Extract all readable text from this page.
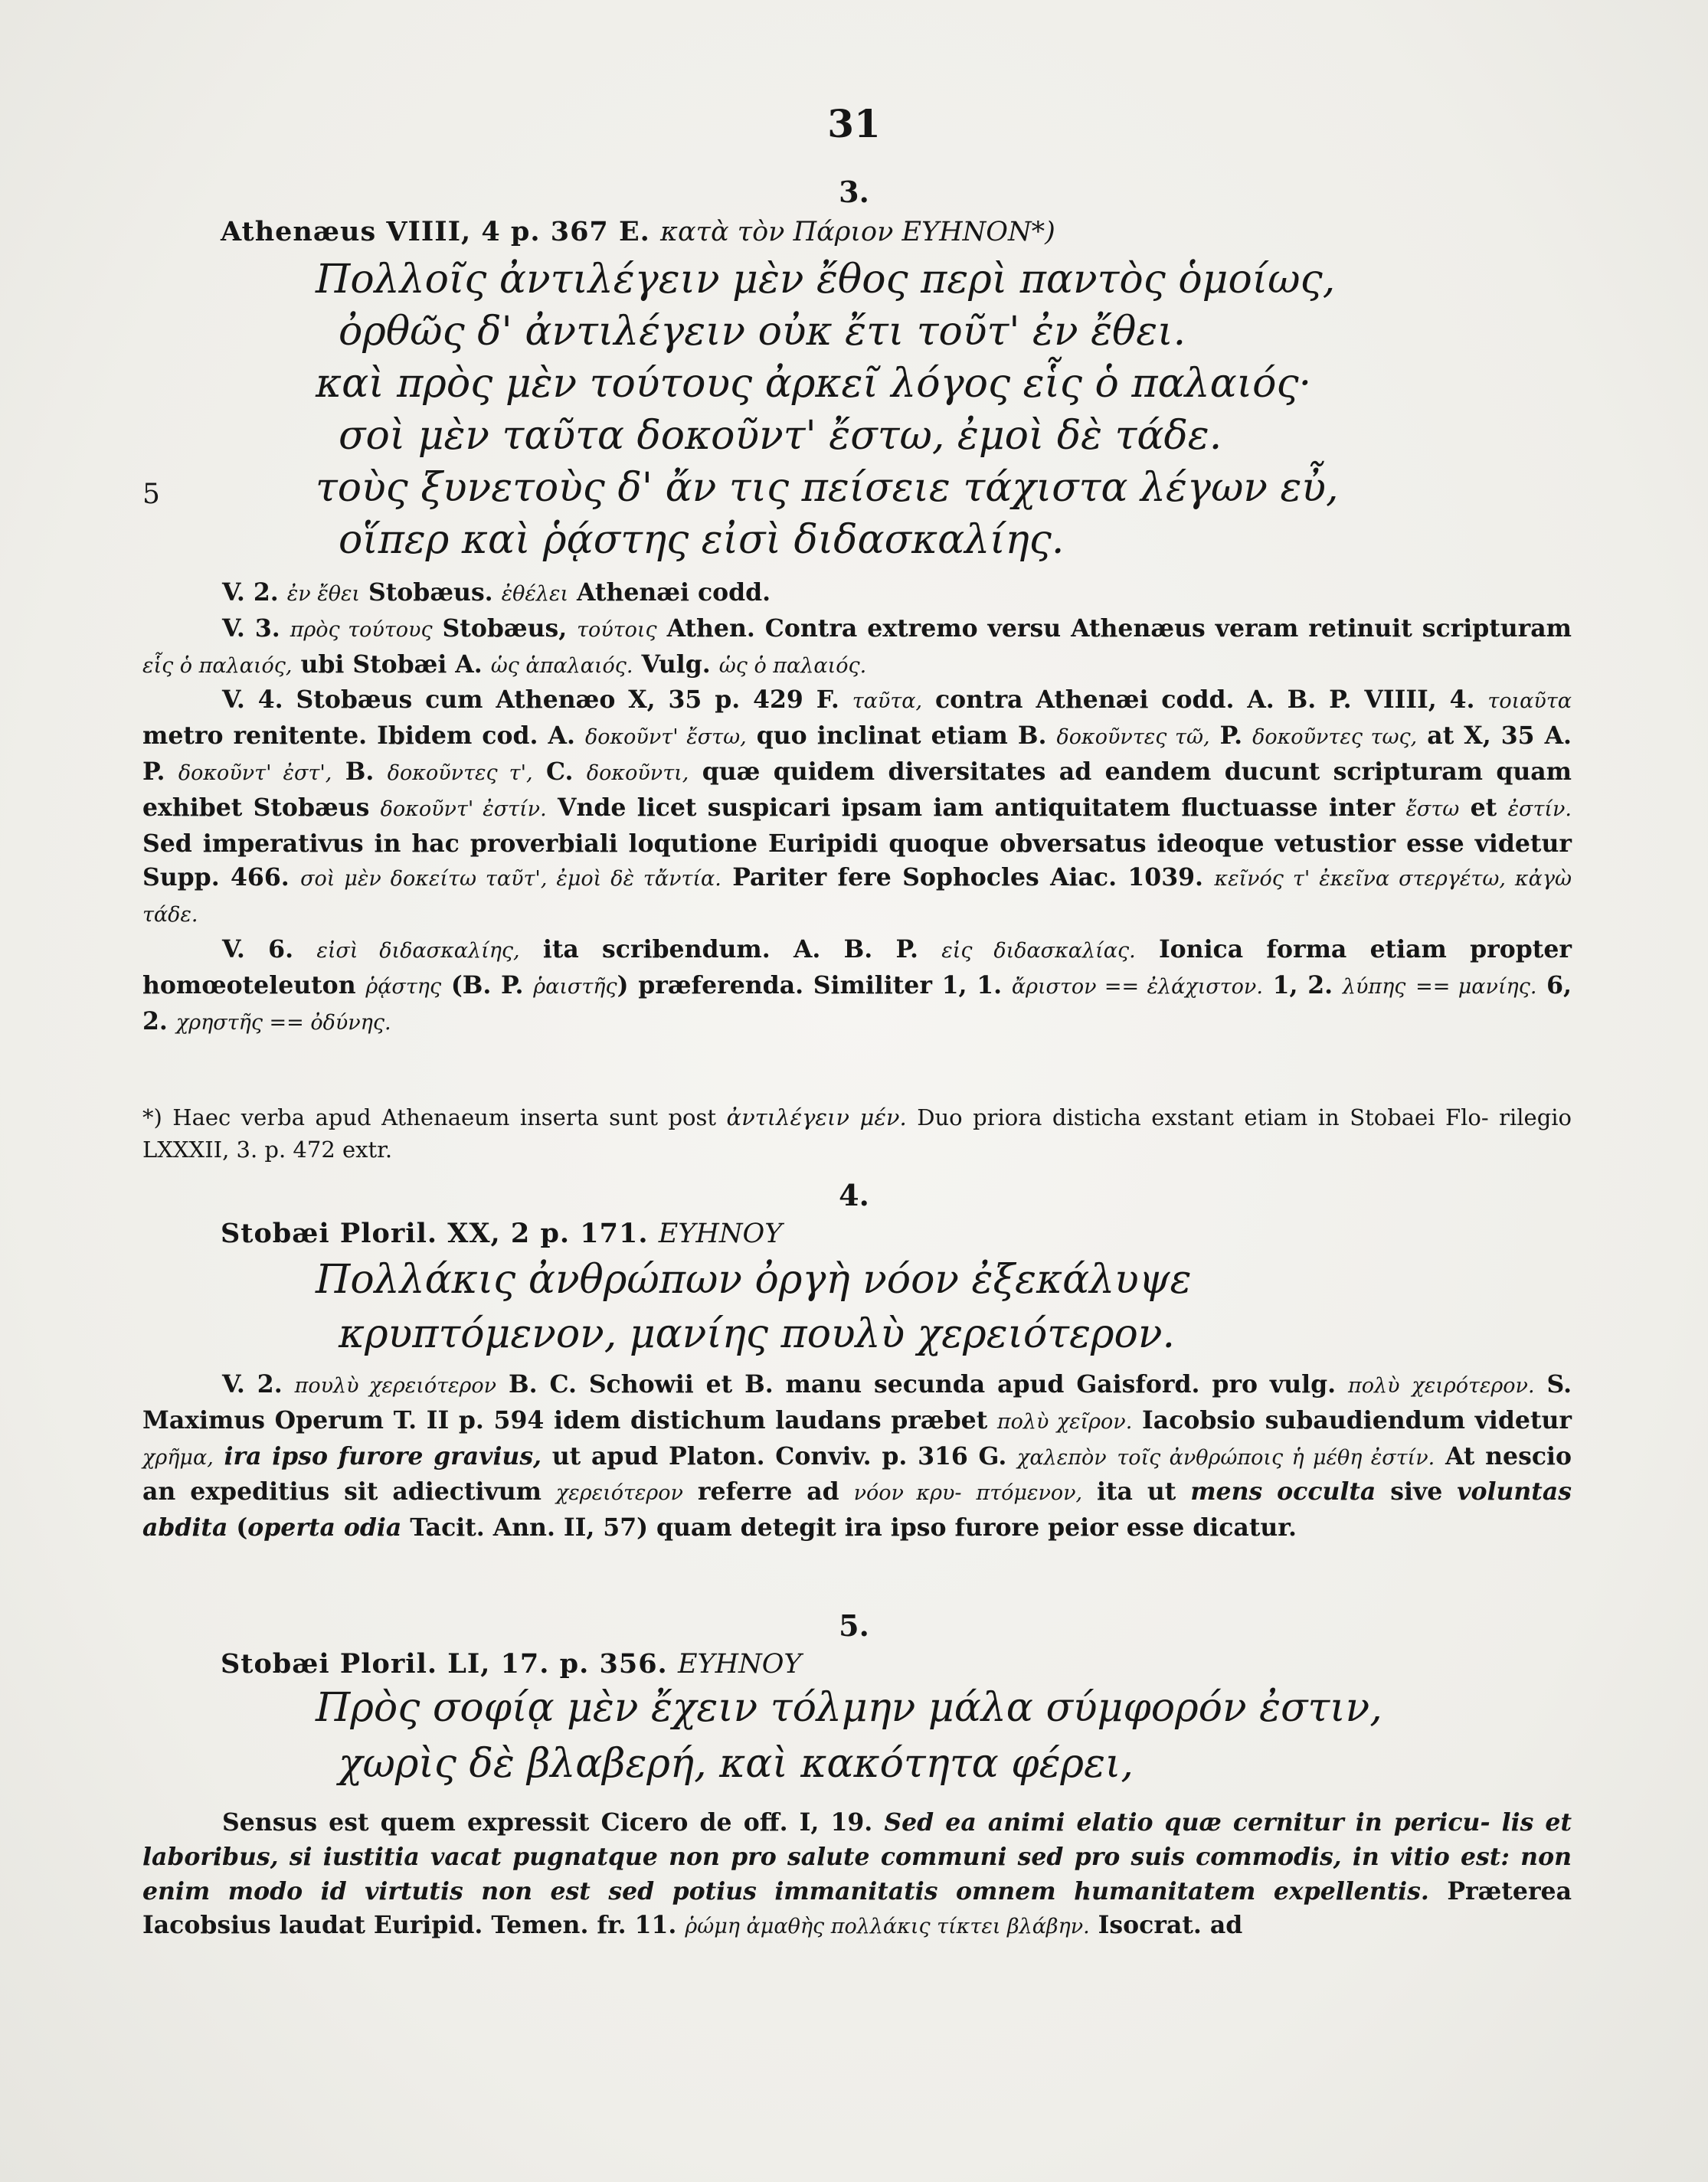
31
3.
Athenæus VIIII, 4 p. 367 E. κατὰ τὸν Πάριον ΕΥΗΝΟΝ*)
Πολλοῖς ἀντιλέγειν μὲν ἔθος περὶ παντὸς ὁμοίως,
ὀρθῶς δ' ἀντιλέγειν οὐκ ἔτι τοῦτ' ἐν ἔθει.
καὶ πρὸς μὲν τούτους ἀρκεῖ λόγος εἷς ὁ παλαιός·
σοὶ μὲν ταῦτα δοκοῦντ' ἔστω, ἐμοὶ δὲ τάδε.
5	τοὺς ξυνετοὺς δ' ἄν τις πείσειε τάχιστα λέγων εὖ,
οἵπερ καὶ ῥᾴστης εἰσὶ διδασκαλίης.

V. 2. ἐν ἔθει Stobæus. ἐθέλει Athenæi codd.

V. 3. πρὸς τούτους Stobæus, τούτοις Athen. Contra extremo versu Athenæus veram retinuit scripturam εἷς ὁ παλαιός, ubi Stobæi A. ὡς ἁπαλαιός. Vulg. ὡς ὁ παλαιός.

V. 4. Stobæus cum Athenæo X, 35 p. 429 F. ταῦτα, contra Athenæi codd. A. B. P. VIIII, 4. τοιαῦτα metro renitente. Ibidem cod. A. δοκοῦντ' ἔστω, quo inclinat etiam B. δοκοῦντες τῶ, P. δοκοῦντες τως, at X, 35 A. P. δοκοῦντ' ἐστ', B. δοκοῦντες τ', C. δοκοῦντι, quæ quidem diversitates ad eandem ducunt scripturam quam exhibet Stobæus δοκοῦντ' ἐστίν. Vnde licet suspicari ipsam iam antiquitatem fluctuasse inter ἔστω et ἐστίν. Sed imperativus in hac proverbiali loqutione Euripidi quoque obversatus ideoque vetustior esse videtur Supp. 466. σοὶ μὲν δοκείτω ταῦτ', ἐμοὶ δὲ τἄντία. Pariter fere Sophocles Aiac. 1039. κεῖνός τ' ἐκεῖνα στεργέτω, κἀγὼ τάδε.

V. 6. εἰσὶ διδασκαλίης, ita scribendum. A. B. P. εἰς διδασκαλίας. Ionica forma etiam propter homœoteleuton ῥᾴστης (B. P. ῥαιστῆς) præferenda. Similiter 1, 1. ἄριστον == ἐλάχιστον. 1, 2. λύπης == μανίης. 6, 2. χρηστῆς == ὀδύνης.

*) Haec verba apud Athenaeum inserta sunt post ἀντιλέγειν μέν. Duo priora disticha exstant etiam in Stobaei Flo- rilegio LXXXII, 3. p. 472 extr.
4.
Stobæi Ploril. XX, 2 p. 171. ΕΥΗΝΟΥ
Πολλάκις ἀνθρώπων ὀργὴ νόον ἐξεκάλυψε
κρυπτόμενον, μανίης πουλὺ χερειότερον.

V. 2. πουλὺ χερειότερον B. C. Schowii et B. manu secunda apud Gaisford. pro vulg. πολὺ χειρότερον. S. Maximus Operum T. II p. 594 idem distichum laudans præbet πολὺ χεῖρον. Iacobsio subaudiendum videtur χρῆμα, ira ipso furore gravius, ut apud Platon. Conviv. p. 316 G. χαλεπὸν τοῖς ἀνθρώποις ἡ μέθη ἐστίν. At nescio an expeditius sit adiectivum χερειότερον referre ad νόον κρυ- πτόμενον, ita ut mens occulta sive voluntas abdita (operta odia Tacit. Ann. II, 57) quam detegit ira ipso furore peior esse dicatur.

5.
Stobæi Ploril. LI, 17. p. 356. ΕΥΗΝΟΥ
Πρὸς σοφίᾳ μὲν ἔχειν τόλμην μάλα σύμφορόν ἐστιν,
χωρὶς δὲ βλαβερή, καὶ κακότητα φέρει,

Sensus est quem expressit Cicero de off. I, 19. Sed ea animi elatio quæ cernitur in pericu- lis et laboribus, si iustitia vacat pugnatque non pro salute communi sed pro suis commodis, in vitio est: non enim modo id virtutis non est sed potius immanitatis omnem humanitatem expellentis. Præterea Iacobsius laudat Euripid. Temen. fr. 11. ῥώμη ἀμαθὴς πολλάκις τίκτει βλάβην. Isocrat. ad
